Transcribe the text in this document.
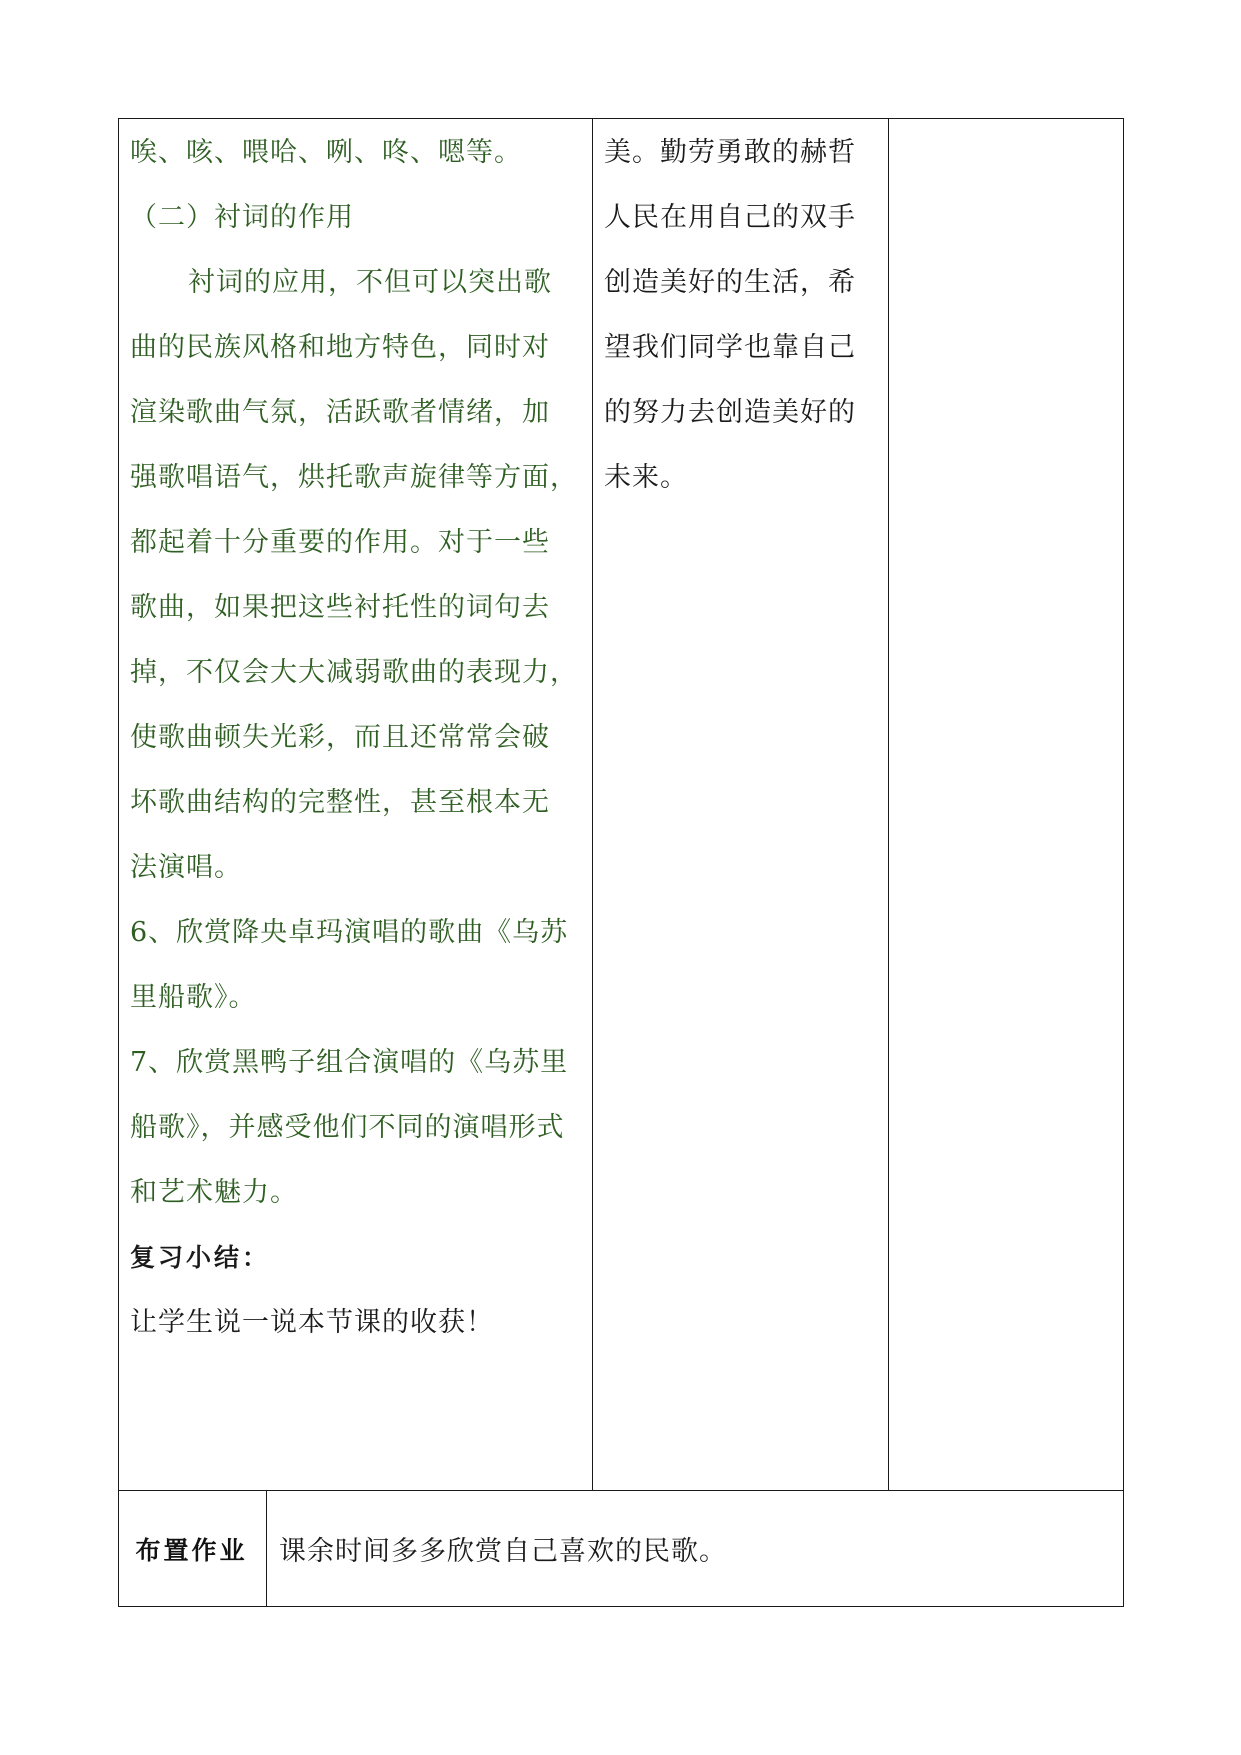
唉、咳、喂哈、咧、咚、嗯等。
（二）衬词的作用
衬词的应用，不但可以突出歌
曲的民族风格和地方特色，同时对
渲染歌曲气氛，活跃歌者情绪，加
强歌唱语气，烘托歌声旋律等方面，
都起着十分重要的作用。对于一些
歌曲，如果把这些衬托性的词句去
掉，不仅会大大减弱歌曲的表现力，
使歌曲顿失光彩，而且还常常会破
坏歌曲结构的完整性，甚至根本无
法演唱。
6、欣赏降央卓玛演唱的歌曲《乌苏
里船歌》。
7、欣赏黑鸭子组合演唱的《乌苏里
船歌》，并感受他们不同的演唱形式
和艺术魅力。
复习小结：
让学生说一说本节课的收获！
美。勤劳勇敢的赫哲
人民在用自己的双手
创造美好的生活，希
望我们同学也靠自己
的努力去创造美好的
未来。
布置作业	课余时间多多欣赏自己喜欢的民歌。
